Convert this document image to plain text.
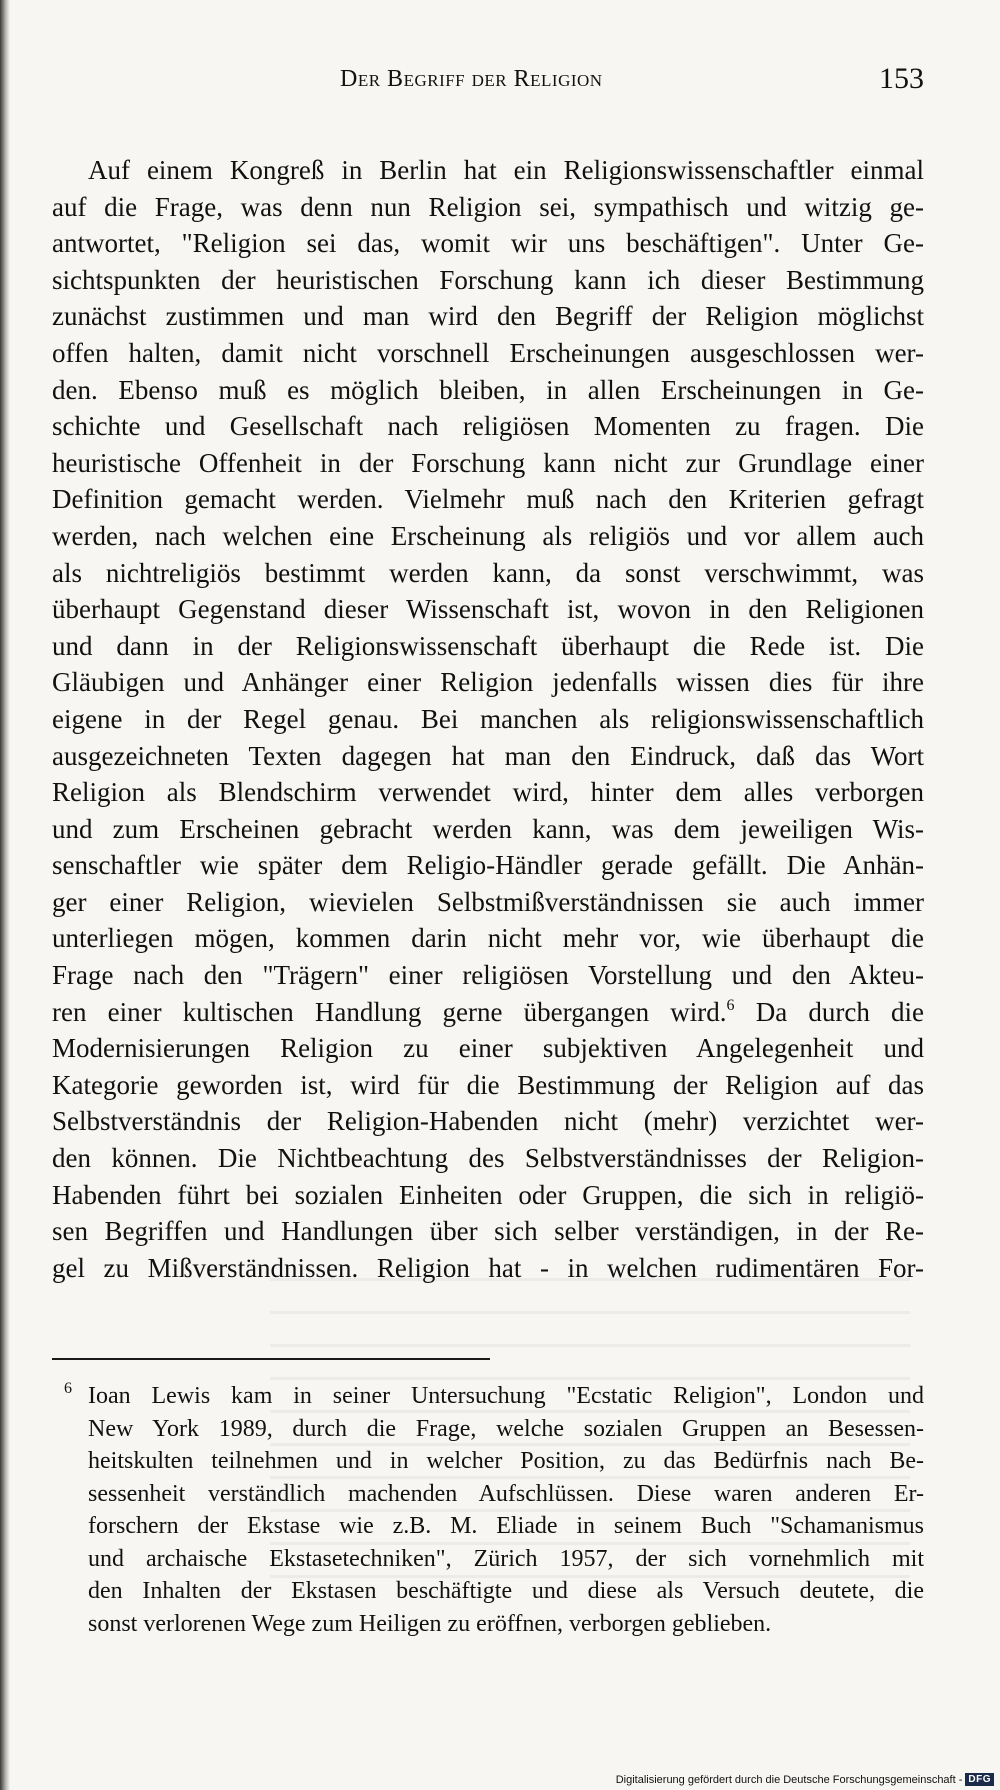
Der Begriff der Religion	153
Auf einem Kongreß in Berlin hat ein Religionswissenschaftler einmal
auf die Frage, was denn nun Religion sei, sympathisch und witzig ge-
antwortet, "Religion sei das, womit wir uns beschäftigen". Unter Ge-
sichtspunkten der heuristischen Forschung kann ich dieser Bestimmung
zunächst zustimmen und man wird den Begriff der Religion möglichst
offen halten, damit nicht vorschnell Erscheinungen ausgeschlossen wer-
den. Ebenso muß es möglich bleiben, in allen Erscheinungen in Ge-
schichte und Gesellschaft nach religiösen Momenten zu fragen. Die
heuristische Offenheit in der Forschung kann nicht zur Grundlage einer
Definition gemacht werden. Vielmehr muß nach den Kriterien gefragt
werden, nach welchen eine Erscheinung als religiös und vor allem auch
als nichtreligiös bestimmt werden kann, da sonst verschwimmt, was
überhaupt Gegenstand dieser Wissenschaft ist, wovon in den Religionen
und dann in der Religionswissenschaft überhaupt die Rede ist. Die
Gläubigen und Anhänger einer Religion jedenfalls wissen dies für ihre
eigene in der Regel genau. Bei manchen als religionswissenschaftlich
ausgezeichneten Texten dagegen hat man den Eindruck, daß das Wort
Religion als Blendschirm verwendet wird, hinter dem alles verborgen
und zum Erscheinen gebracht werden kann, was dem jeweiligen Wis-
senschaftler wie später dem Religio-Händler gerade gefällt. Die Anhän-
ger einer Religion, wievielen Selbstmißverständnissen sie auch immer
unterliegen mögen, kommen darin nicht mehr vor, wie überhaupt die
Frage nach den "Trägern" einer religiösen Vorstellung und den Akteu-
ren einer kultischen Handlung gerne übergangen wird.$^6$ Da durch die
Modernisierungen Religion zu einer subjektiven Angelegenheit und
Kategorie geworden ist, wird für die Bestimmung der Religion auf das
Selbstverständnis der Religion-Habenden nicht (mehr) verzichtet wer-
den können. Die Nichtbeachtung des Selbstverständnisses der Religion-
Habenden führt bei sozialen Einheiten oder Gruppen, die sich in religiö-
sen Begriffen und Handlungen über sich selber verständigen, in der Re-
gel zu Mißverständnissen. Religion hat - in welchen rudimentären For-
6 Ioan Lewis kam in seiner Untersuchung "Ecstatic Religion", London und
New York 1989, durch die Frage, welche sozialen Gruppen an Besessen-
heitskulten teilnehmen und in welcher Position, zu das Bedürfnis nach Be-
sessenheit verständlich machenden Aufschlüssen. Diese waren anderen Er-
forschern der Ekstase wie z.B. M. Eliade in seinem Buch "Schamanismus
und archaische Ekstasetechniken", Zürich 1957, der sich vornehmlich mit
den Inhalten der Ekstasen beschäftigte und diese als Versuch deutete, die
sonst verlorenen Wege zum Heiligen zu eröffnen, verborgen geblieben.
Digitalisierung gefördert durch die Deutsche Forschungsgemeinschaft - DFG
